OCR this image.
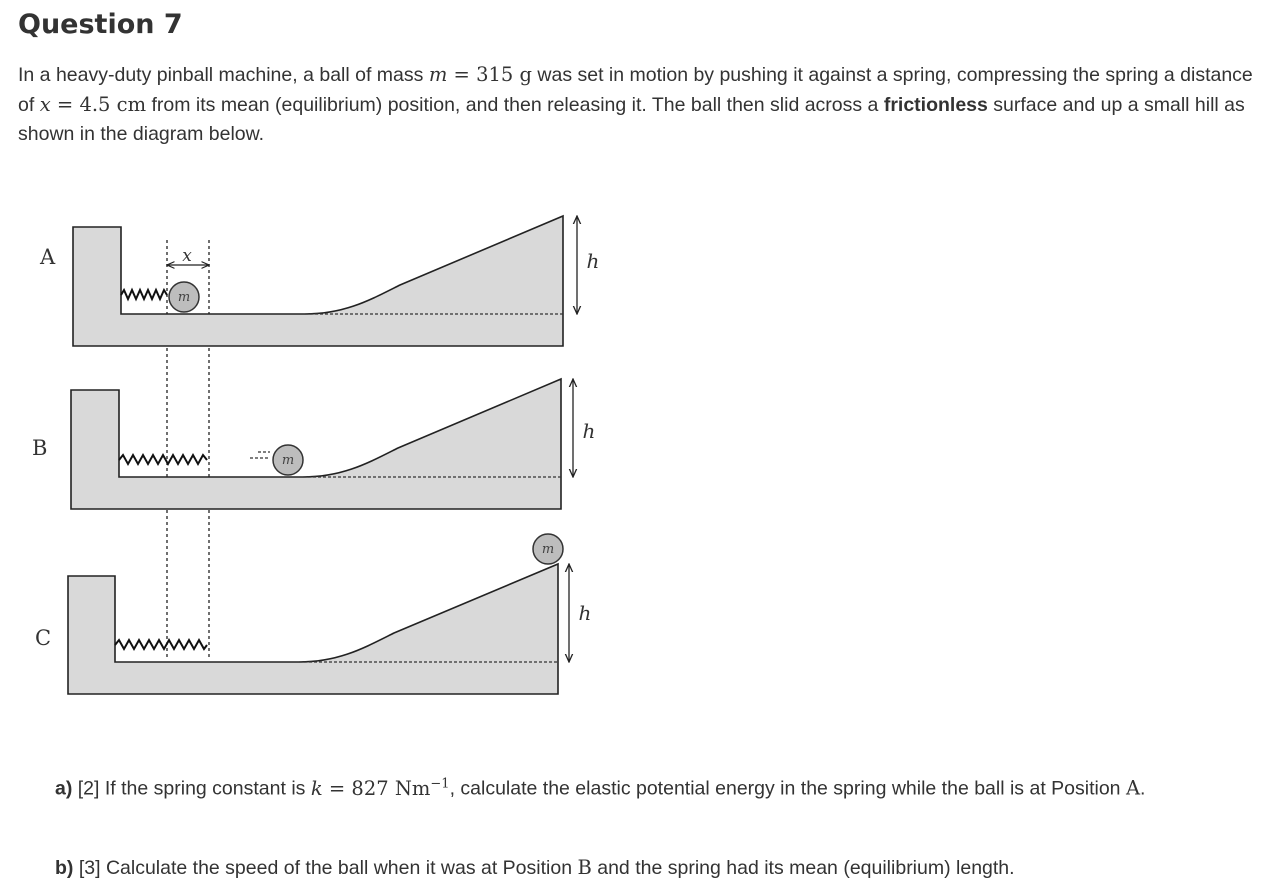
Question 7
In a heavy-duty pinball machine, a ball of mass m = 315 g was set in motion by pushing it against a spring, compressing the spring a distance of x = 4.5 cm from its mean (equilibrium) position, and then releasing it. The ball then slid across a frictionless surface and up a small hill as shown in the diagram below.
A
m
x	h
B
m
h
C
m
h
a) [2] If the spring constant is k = 827 $Nm^{-1}$, calculate the elastic potential energy in the spring while the ball is at Position A.
b) [3] Calculate the speed of the ball when it was at Position B and the spring had its mean (equilibrium) length.
